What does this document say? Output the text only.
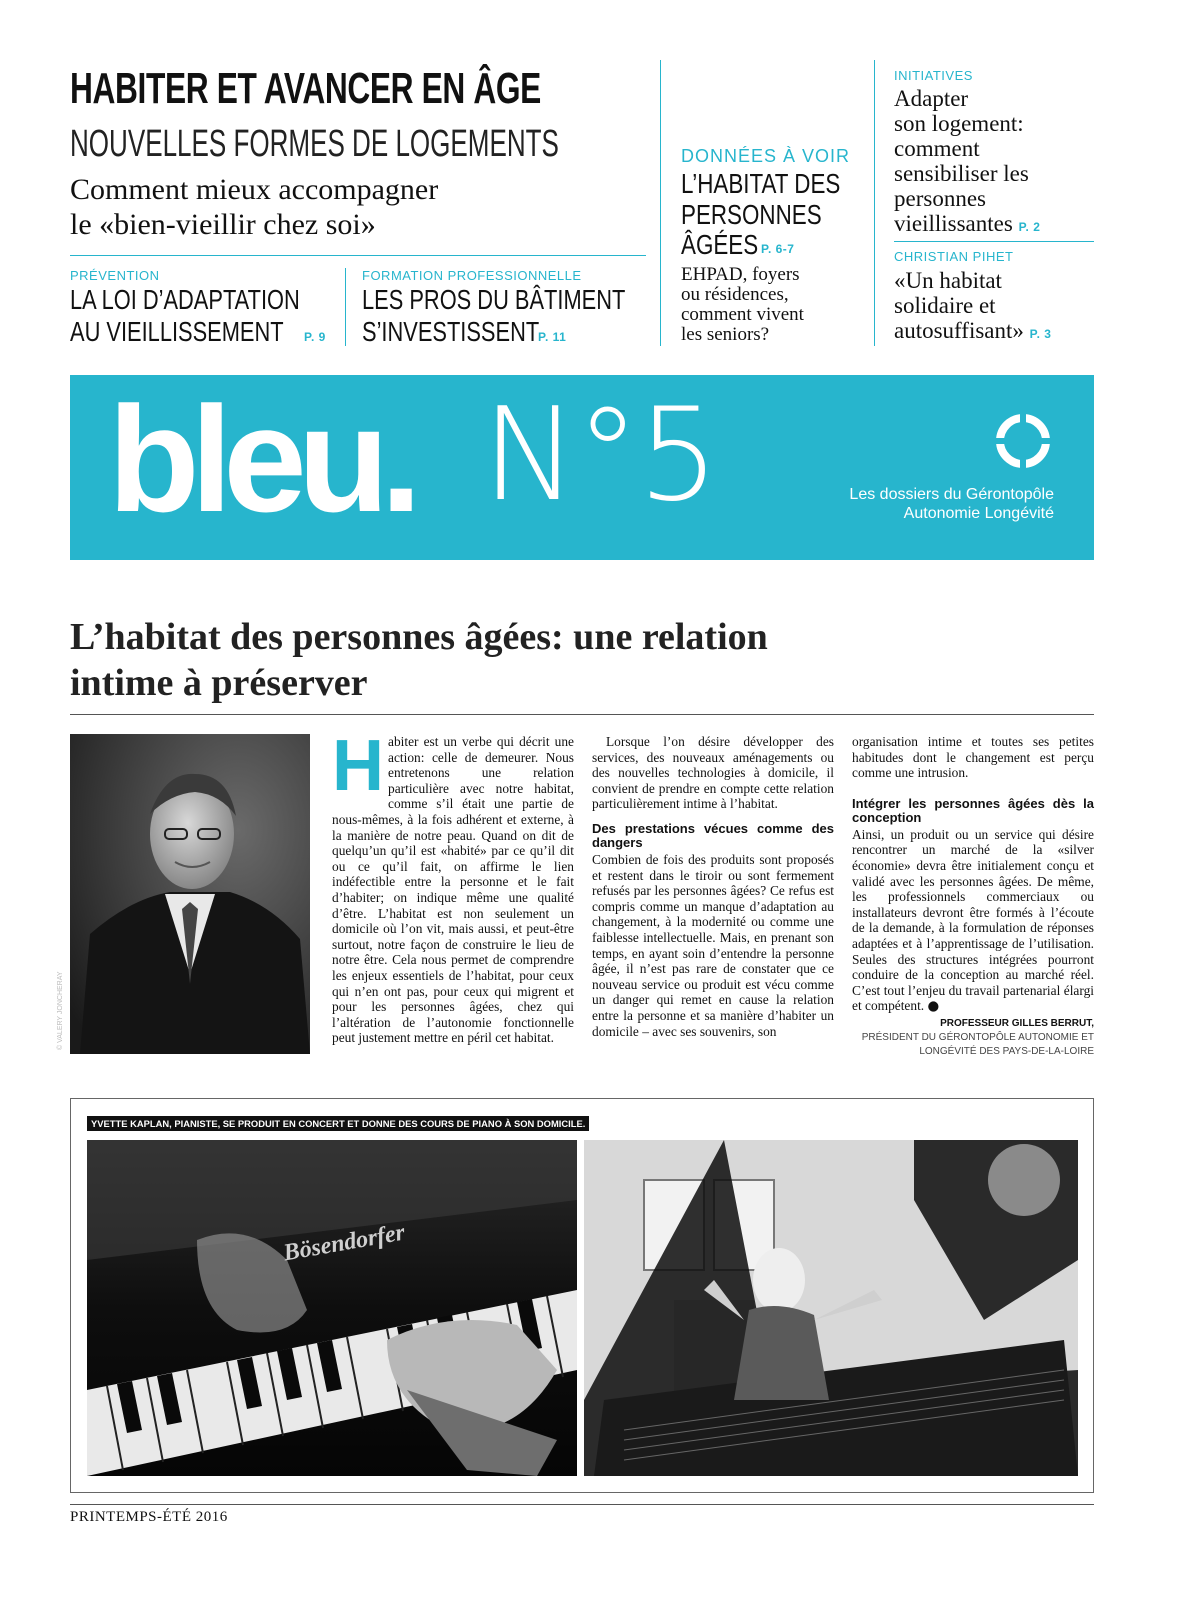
HABITER ET AVANCER EN ÂGE
NOUVELLES FORMES DE LOGEMENTS
Comment mieux accompagner
le «bien-vieillir chez soi»
PRÉVENTION
LA LOI D’ADAPTATION
AU VIEILLISSEMENT P. 9
FORMATION PROFESSIONNELLE
LES PROS DU BÂTIMENT
S’INVESTISSENT
P. 11
DONNÉES À VOIR
L’HABITAT DES
PERSONNES
ÂGÉES P. 6-7
EHPAD, foyers
ou résidences,
comment vivent
les seniors?
INITIATIVES
Adapter
son logement:
comment
sensibiliser les
personnes
vieillissantes P. 2
CHRISTIAN PIHET
«Un habitat
solidaire et
autosuffisant» P. 3
bleu. N°5	Les dossiers du Gérontopôle
Autonomie Longévité
L’habitat des personnes âgées: une relation
intime à préserver
© VALERY JONCHERAY
H abiter est un verbe qui décrit une action: celle de demeurer. Nous entretenons une relation particulière avec notre habitat, comme s’il était une partie de nous-mêmes, à la fois adhérent et externe, à la manière de notre peau. Quand on dit de quelqu’un qu’il est «habité» par ce qu’il dit ou ce qu’il fait, on affirme le lien indéfectible entre la personne et le fait d’habiter; on indique même une qualité d’être. L’habitat est non seulement un domicile où l’on vit, mais aussi, et peut-être surtout, notre façon de construire le lieu de notre être. Cela nous permet de comprendre les enjeux essentiels de l’habitat, pour ceux qui n’en ont pas, pour ceux qui migrent et pour les personnes âgées, chez qui l’altération de l’autonomie fonctionnelle peut justement mettre en péril cet habitat.

Lorsque l’on désire développer des services, des nouveaux aménagements ou des nouvelles technologies à domicile, il convient de prendre en compte cette relation particulièrement intime à l’habitat.

Des prestations vécues comme des dangers

Combien de fois des produits sont proposés et restent dans le tiroir ou sont fermement refusés par les personnes âgées? Ce refus est compris comme un manque d’adaptation au changement, à la modernité ou comme une faiblesse intellectuelle. Mais, en prenant son temps, en ayant soin d’entendre la personne âgée, il n’est pas rare de constater que ce nouveau service ou produit est vécu comme un danger qui remet en cause la relation entre la personne et sa manière d’habiter un domicile – avec ses souvenirs, son

organisation intime et toutes ses petites habitudes dont le changement est perçu comme une intrusion.

Intégrer les personnes âgées dès la conception

Ainsi, un produit ou un service qui désire rencontrer un marché de la «silver économie» devra être initialement conçu et validé avec les personnes âgées. De même, les professionnels commerciaux ou installateurs devront être formés à l’écoute de la demande, à la formulation de réponses adaptées et à l’apprentissage de l’utilisation. Seules des structures intégrées pourront conduire de la conception au marché réel. C’est tout l’enjeu du travail partenarial élargi et compétent. ●

PROFESSEUR GILLES BERRUT,
PRÉSIDENT DU GÉRONTOPÔLE AUTONOMIE ET
LONGÉVITÉ DES PAYS-DE-LA-LOIRE
YVETTE KAPLAN, PIANISTE, SE PRODUIT EN CONCERT ET DONNE DES COURS DE PIANO À SON DOMICILE.
Bösendorfer
PRINTEMPS-ÉTÉ 2016
